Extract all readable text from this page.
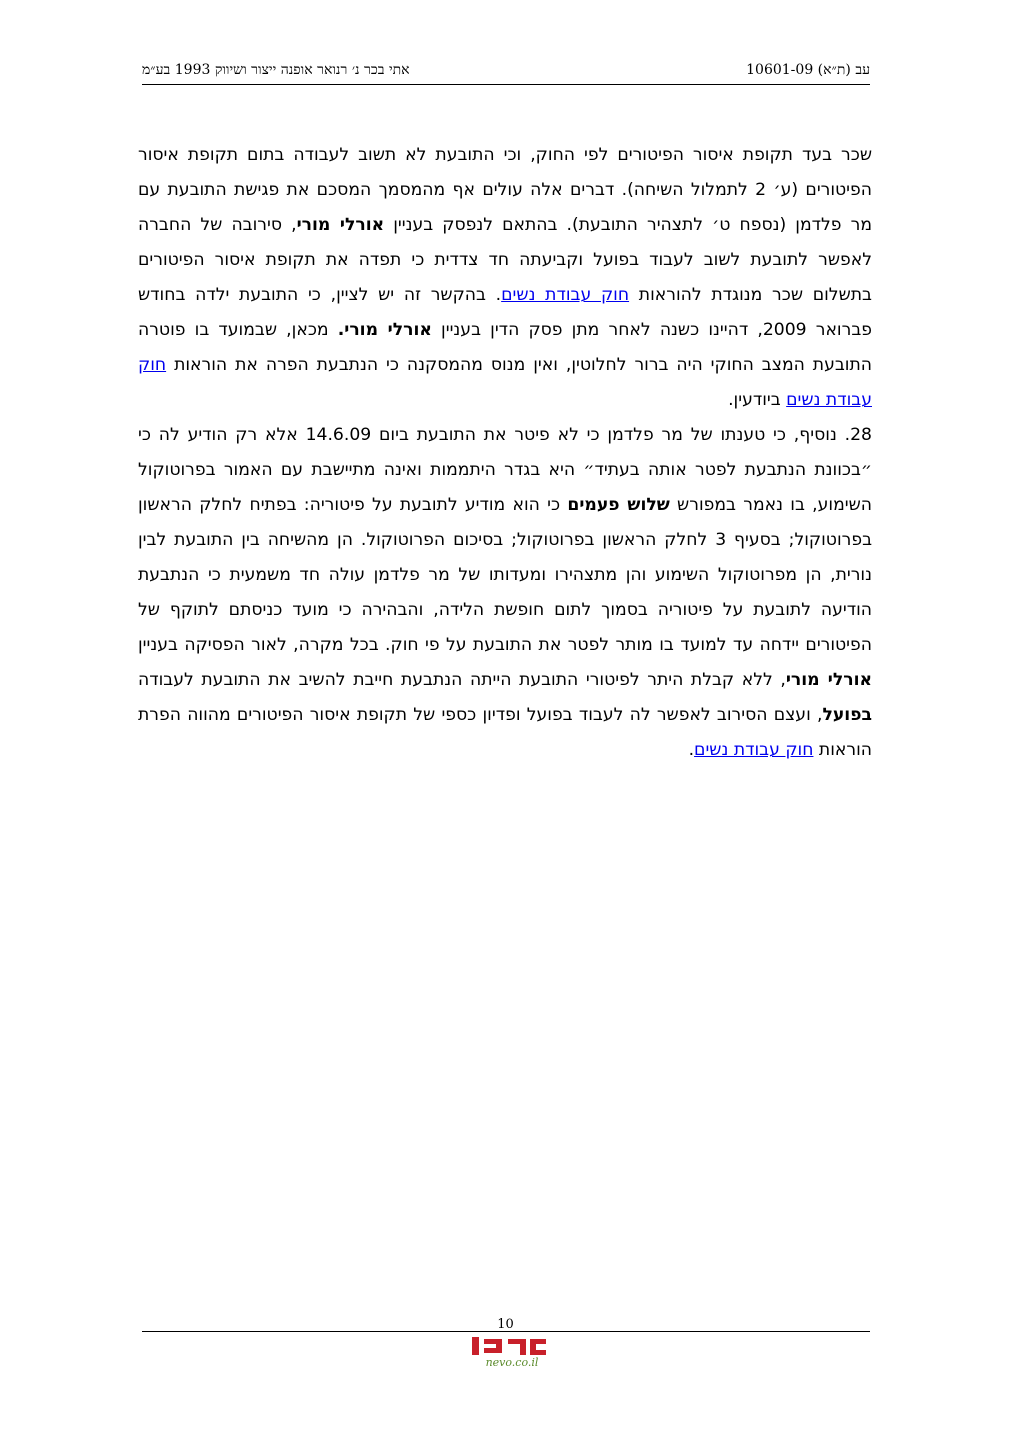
עב (ת״א) 10601-09
אתי בכר נ׳ רנואר אופנה ייצור ושיווק 1993 בע״מ

שכר בעד תקופת איסור הפיטורים לפי החוק, וכי התובעת לא תשוב לעבודה בתום תקופת איסור הפיטורים (ע׳ 2 לתמלול השיחה). דברים אלה עולים אף מהמסמך המסכם את פגישת התובעת עם מר פלדמן (נספח ט׳ לתצהיר התובעת). בהתאם לנפסק בעניין אורלי מורי, סירובה של החברה לאפשר לתובעת לשוב לעבוד בפועל וקביעתה חד צדדית כי תפדה את תקופת איסור הפיטורים בתשלום שכר מנוגדת להוראות חוק עבודת נשים. בהקשר זה יש לציין, כי התובעת ילדה בחודש פברואר 2009, דהיינו כשנה לאחר מתן פסק הדין בעניין אורלי מורי. מכאן, שבמועד בו פוטרה התובעת המצב החוקי היה ברור לחלוטין, ואין מנוס מהמסקנה כי הנתבעת הפרה את הוראות חוק עבודת נשים ביודעין.

28. נוסיף, כי טענתו של מר פלדמן כי לא פיטר את התובעת ביום 14.6.09 אלא רק הודיע לה כי ״בכוונת הנתבעת לפטר אותה בעתיד״ היא בגדר היתממות ואינה מתיישבת עם האמור בפרוטוקול השימוע, בו נאמר במפורש שלוש פעמים כי הוא מודיע לתובעת על פיטוריה: בפתיח לחלק הראשון בפרוטוקול; בסעיף 3 לחלק הראשון בפרוטוקול; בסיכום הפרוטוקול. הן מהשיחה בין התובעת לבין נורית, הן מפרוטוקול השימוע והן מתצהירו ומעדותו של מר פלדמן עולה חד משמעית כי הנתבעת הודיעה לתובעת על פיטוריה בסמוך לתום חופשת הלידה, והבהירה כי מועד כניסתם לתוקף של הפיטורים יידחה עד למועד בו מותר לפטר את התובעת על פי חוק. בכל מקרה, לאור הפסיקה בעניין אורלי מורי, ללא קבלת היתר לפיטורי התובעת הייתה הנתבעת חייבת להשיב את התובעת לעבודה בפועל, ועצם הסירוב לאפשר לה לעבוד בפועל ופדיון כספי של תקופת איסור הפיטורים מהווה הפרת הוראות חוק עבודת נשים.

10
nevo.co.il
